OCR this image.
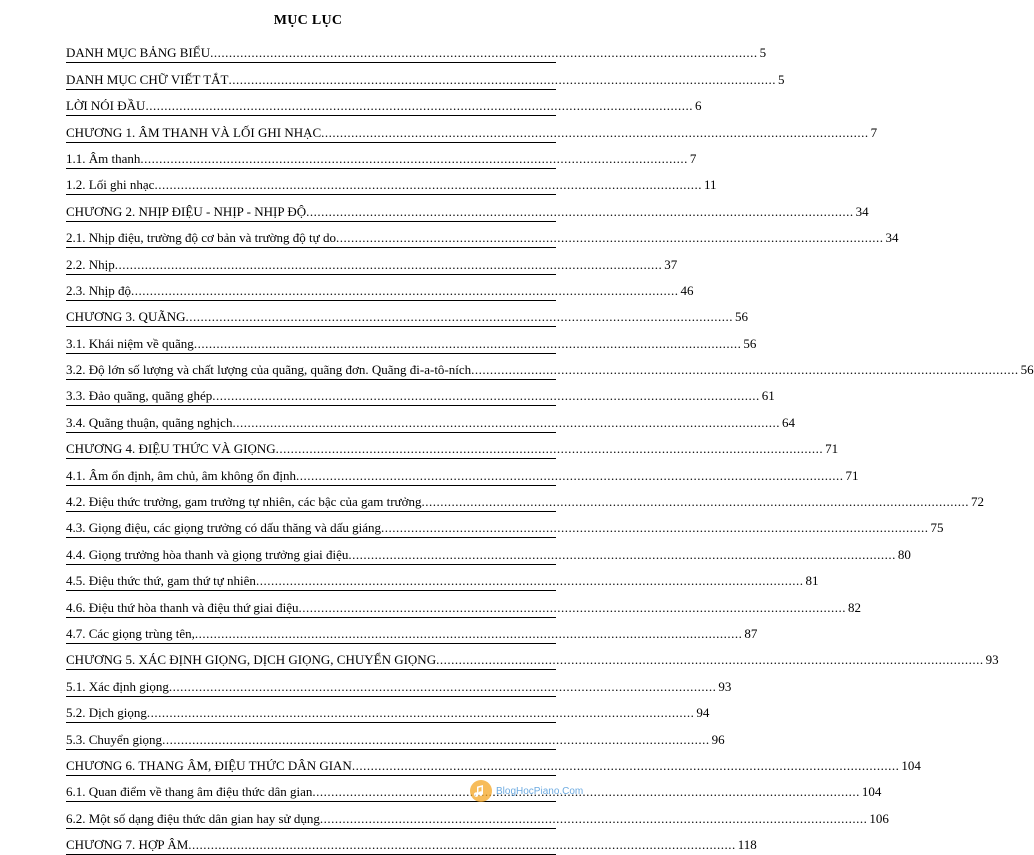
MỤC LỤC
DANH MỤC BẢNG BIỂU .....	5
DANH MỤC CHỮ VIẾT TẮT .....	5
LỜI NÓI ĐẦU .....	6
CHƯƠNG 1. ÂM THANH VÀ LỐI GHI NHẠC .....	7
1.1. Âm thanh .....	7
1.2. Lối ghi nhạc .....	11
CHƯƠNG 2. NHỊP ĐIỆU - NHỊP - NHỊP ĐỘ .....	34
2.1. Nhịp điệu, trường độ cơ bản và trường độ tự do .....	34
2.2. Nhịp .....	37
2.3. Nhịp độ .....	46
CHƯƠNG 3. QUÃNG .....	56
3.1. Khái niệm về quãng .....	56
3.2. Độ lớn số lượng và chất lượng của quãng, quãng đơn. Quãng đi-a-tô-ních .....	56
3.3. Đảo quãng, quãng ghép .....	61
3.4. Quãng thuận, quãng nghịch .....	64
CHƯƠNG 4. ĐIỆU THỨC VÀ GIỌNG .....	71
4.1. Âm ổn định, âm chủ, âm không ổn định .....	71
4.2. Điệu thức trưởng, gam trưởng tự nhiên, các bậc của gam trưởng .....	72
4.3. Giọng điệu, các giọng trưởng có dấu thăng và dấu giáng .....	75
4.4. Giọng trưởng hòa thanh và giọng trưởng giai điệu .....	80
4.5. Điệu thức thứ, gam thứ tự nhiên .....	81
4.6. Điệu thứ hòa thanh và điệu thứ giai điệu .....	82
4.7. Các giọng trùng tên, .....	87
CHƯƠNG 5. XÁC ĐỊNH GIỌNG, DỊCH GIỌNG, CHUYỂN GIỌNG .....	93
5.1. Xác định giọng .....	93
5.2. Dịch giọng .....	94
5.3. Chuyển giọng .....	96
CHƯƠNG 6. THANG ÂM, ĐIỆU THỨC DÂN GIAN .....	104
6.1. Quan điểm về thang âm điệu thức dân gian .....	104
6.2. Một số dạng điệu thức dân gian hay sử dụng .....	106
CHƯƠNG 7. HỢP ÂM .....	118
BlogHocPiano.Com
